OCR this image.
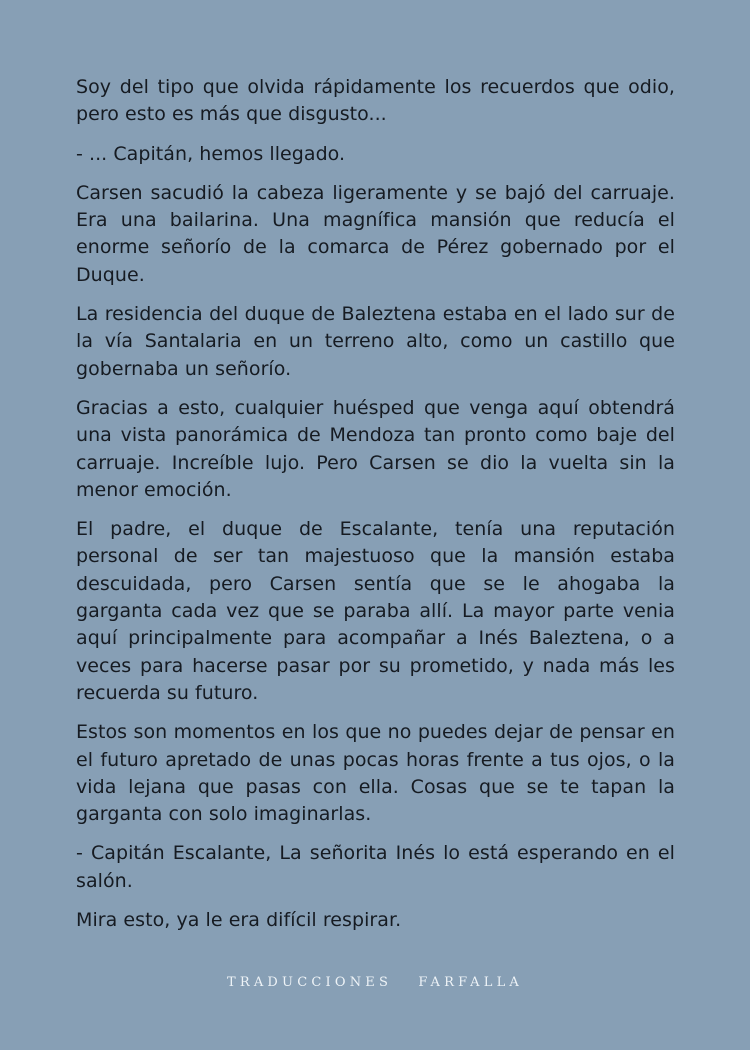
Soy del tipo que olvida rápidamente los recuerdos que odio, pero esto es más que disgusto...

- ... Capitán, hemos llegado.

Carsen sacudió la cabeza ligeramente y se bajó del carruaje. Era una bailarina. Una magnífica mansión que reducía el enorme señorío de la comarca de Pérez gobernado por el Duque.

La residencia del duque de Baleztena estaba en el lado sur de la vía Santalaria en un terreno alto, como un castillo que gobernaba un señorío.

Gracias a esto, cualquier huésped que venga aquí obtendrá una vista panorámica de Mendoza tan pronto como baje del carruaje. Increíble lujo. Pero Carsen se dio la vuelta sin la menor emoción.

El padre, el duque de Escalante, tenía una reputación personal de ser tan majestuoso que la mansión estaba descuidada, pero Carsen sentía que se le ahogaba la garganta cada vez que se paraba allí. La mayor parte venia aquí principalmente para acompañar a Inés Baleztena, o a veces para hacerse pasar por su prometido, y nada más les recuerda su futuro.

Estos son momentos en los que no puedes dejar de pensar en el futuro apretado de unas pocas horas frente a tus ojos, o la vida lejana que pasas con ella. Cosas que se te tapan la garganta con solo imaginarlas.

- Capitán Escalante, La señorita Inés lo está esperando en el salón.

Mira esto, ya le era difícil respirar.

TRADUCCIONES FARFALLA
